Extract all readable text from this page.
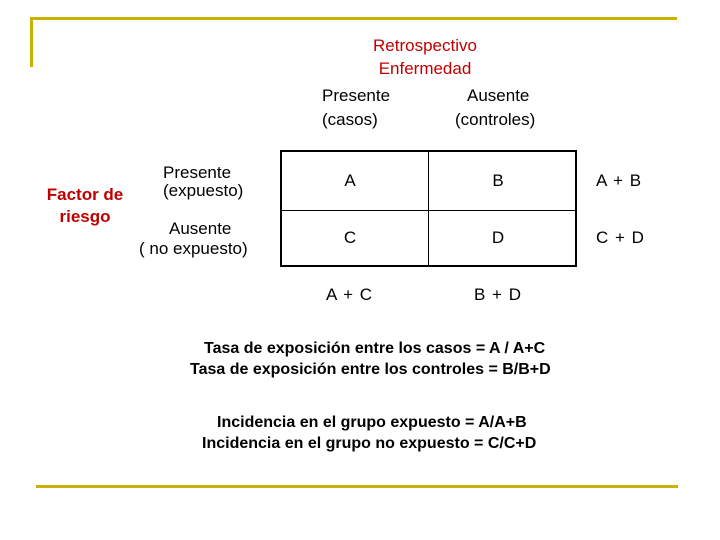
Retrospectivo
Enfermedad
Presente
(casos)
Ausente
(controles)
Factor de
riesgo
Presente
(expuesto)
Ausente
( no expuesto)
A	B
C	D
A + B
C + D
A + C	B + D
Tasa de exposición entre los casos = A / A+C
Tasa de exposición entre los controles = B/B+D
Incidencia en el grupo expuesto = A/A+B
Incidencia en el grupo no expuesto = C/C+D
